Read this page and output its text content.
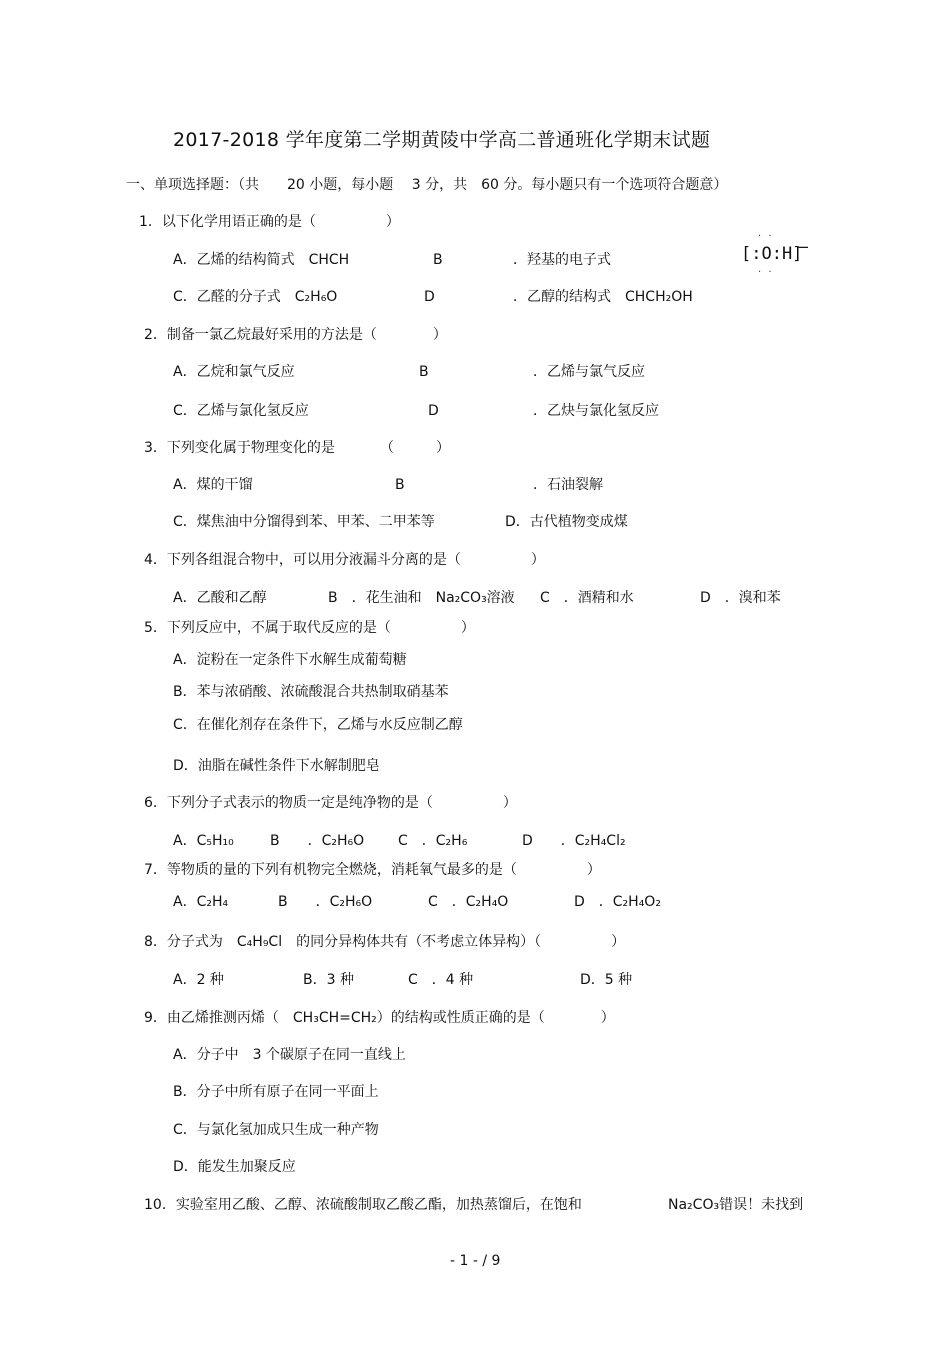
2017-2018 学年度第二学期黄陵中学高二普通班化学期末试题
一、单项选择题：（共　　20 小题，每小题　 3 分，共　60 分。每小题只有一个选项符合题意）
1．以下化学用语正确的是（　　　　　）
A．乙烯的结构简式　CHCH	B	．羟基的电子式
· ·
[:O:H]
−
· ·
C．乙醛的分子式　C₂H₆O	D	．乙醇的结构式　CHCH₂OH
2．制备一氯乙烷最好采用的方法是（　　　　）
A．乙烷和氯气反应	B	．乙烯与氯气反应
C．乙烯与氯化氢反应	D	．乙炔与氯化氢反应
3．下列变化属于物理变化的是	（　　　）
A．煤的干馏	B	．石油裂解
C．煤焦油中分馏得到苯、甲苯、二甲苯等	D．古代植物变成煤
4．下列各组混合物中，可以用分液漏斗分离的是（　　　　　）
A．乙酸和乙醇	B　．花生油和　Na₂CO₃溶液 C　．酒精和水	D　．溴和苯
5．下列反应中，不属于取代反应的是（　　　　　）
A．淀粉在一定条件下水解生成葡萄糖
B．苯与浓硝酸、浓硫酸混合共热制取硝基苯
C．在催化剂存在条件下，乙烯与水反应制乙醇
D．油脂在碱性条件下水解制肥皂
6．下列分子式表示的物质一定是纯净物的是（　　　　　）
A．C₅H₁₀	B　　．C₂H₆O C　．C₂H₆	D　　．C₂H₄Cl₂
7．等物质的量的下列有机物完全燃烧，消耗氧气最多的是（　　　　　）
A．C₂H₄	B　　．C₂H₆O	C　．C₂H₄O	D　．C₂H₄O₂
8．分子式为　C₄H₉Cl　的同分异构体共有（不考虑立体异构）（　　　　　）
A．2 种	B．3 种	C　．4 种	D．5 种
9．由乙烯推测丙烯（　CH₃CH=CH₂）的结构或性质正确的是（　　　　）
A．分子中　3 个碳原子在同一直线上
B．分子中所有原子在同一平面上
C．与氯化氢加成只生成一种产物
D．能发生加聚反应
10．实验室用乙酸、乙醇、浓硫酸制取乙酸乙酯，加热蒸馏后，在饱和	Na₂CO₃错误！未找到
- 1 - / 9
